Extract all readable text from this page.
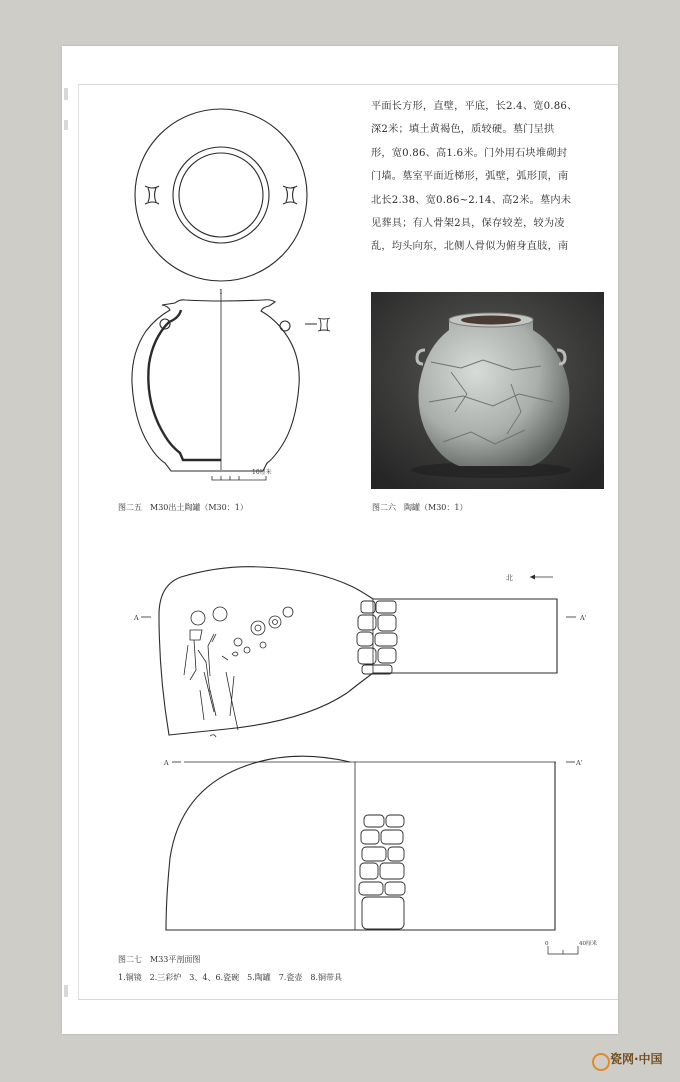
平面长方形，直壁，平底，长2.4、宽0.86、
深2米；填土黄褐色，质较硬。墓门呈拱
形，宽0.86、高1.6米。门外用石块堆砌封
门墙。墓室平面近梯形，弧壁，弧形顶，南
北长2.38、宽0.86~2.14、高2米。墓内未
见葬具；有人骨架2具，保存较差，较为凌
乱，均头向东，北侧人骨似为俯身直肢，南
1
10厘米
北
A	A'
A	A'
0	40厘米
图二五　M30出土陶罐（M30：1）	图二六　陶罐（M30：1）
图二七　M33平剖面图
1.铜镜　2.三彩炉　3、4、6.瓷碗　5.陶罐　7.瓷壶　8.铜带具
瓷网·中国
